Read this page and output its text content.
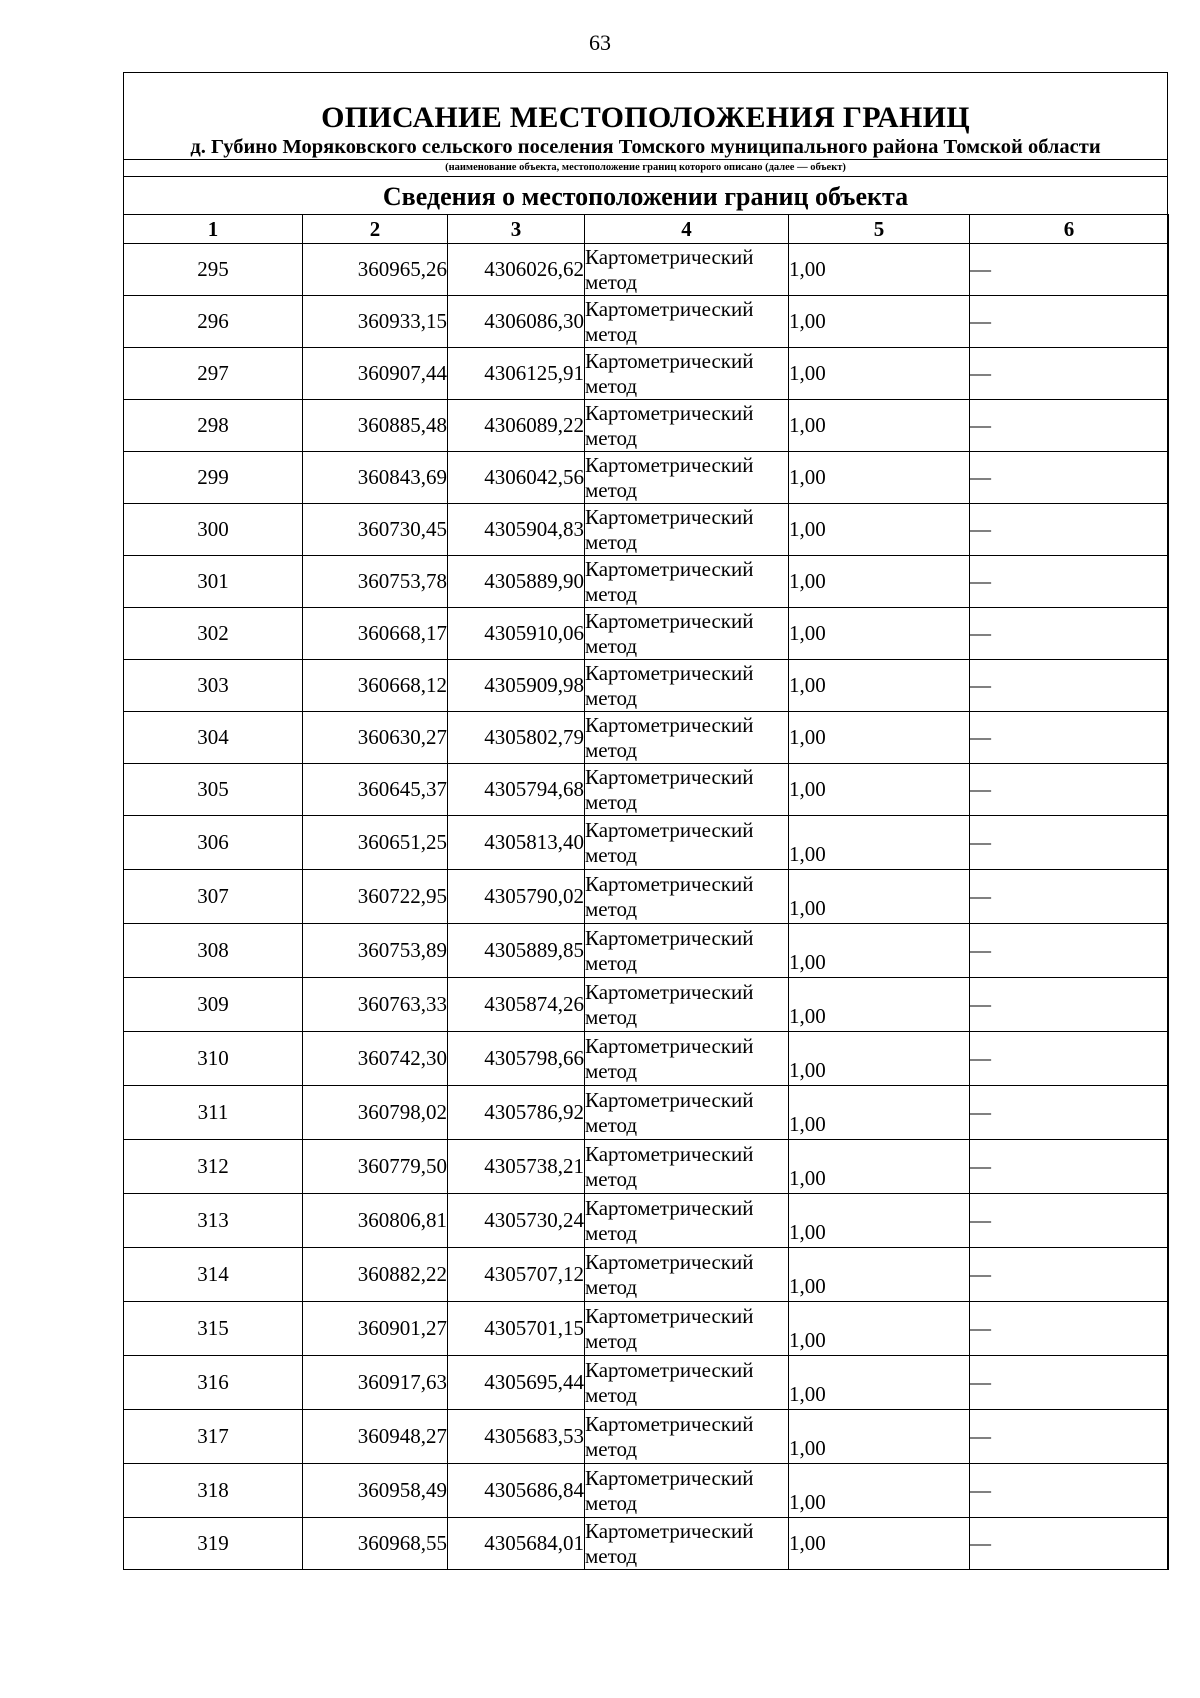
63
ОПИСАНИЕ МЕСТОПОЛОЖЕНИЯ ГРАНИЦ
д. Губино Моряковского сельского поселения Томского муниципального района Томской области
(наименование объекта, местоположение границ которого описано (далее — объект)
Сведения о местоположении границ объекта
1	2	3	4	5	6
295	360965,26	4306026,62	Картометрический метод	1,00	—
296	360933,15	4306086,30	Картометрический метод	1,00	—
297	360907,44	4306125,91	Картометрический метод	1,00	—
298	360885,48	4306089,22	Картометрический метод	1,00	—
299	360843,69	4306042,56	Картометрический метод	1,00	—
300	360730,45	4305904,83	Картометрический метод	1,00	—
301	360753,78	4305889,90	Картометрический метод	1,00	—
302	360668,17	4305910,06	Картометрический метод	1,00	—
303	360668,12	4305909,98	Картометрический метод	1,00	—
304	360630,27	4305802,79	Картометрический метод	1,00	—
305	360645,37	4305794,68	Картометрический метод	1,00	—
306	360651,25	4305813,40	Картометрический метод	1,00	—
307	360722,95	4305790,02	Картометрический метод	1,00	—
308	360753,89	4305889,85	Картометрический метод	1,00	—
309	360763,33	4305874,26	Картометрический метод	1,00	—
310	360742,30	4305798,66	Картометрический метод	1,00	—
311	360798,02	4305786,92	Картометрический метод	1,00	—
312	360779,50	4305738,21	Картометрический метод	1,00	—
313	360806,81	4305730,24	Картометрический метод	1,00	—
314	360882,22	4305707,12	Картометрический метод	1,00	—
315	360901,27	4305701,15	Картометрический метод	1,00	—
316	360917,63	4305695,44	Картометрический метод	1,00	—
317	360948,27	4305683,53	Картометрический метод	1,00	—
318	360958,49	4305686,84	Картометрический метод	1,00	—
319	360968,55	4305684,01	Картометрический метод	1,00	—
